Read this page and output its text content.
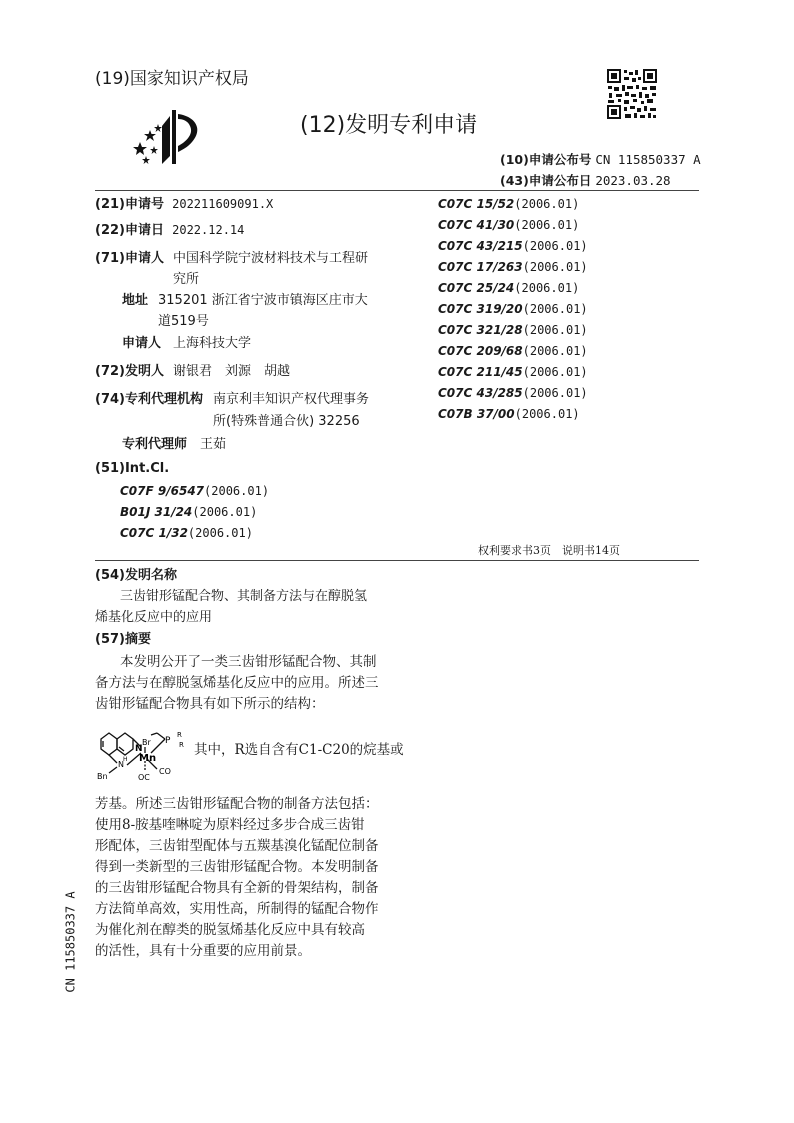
(19)国家知识产权局
(12)发明专利申请
(10)申请公布号 CN 115850337 A
(43)申请公布日 2023.03.28
(21)申请号 202211609091.X
(22)申请日 2022.12.14
(71)申请人 中国科学院宁波材料技术与工程研
究所
地址 315201 浙江省宁波市镇海区庄市大
道519号
申请人 上海科技大学
(72)发明人 谢银君　刘源　胡越
(74)专利代理机构 南京利丰知识产权代理事务
所(特殊普通合伙) 32256
专利代理师 王茹
(51)Int.Cl.
C07F 9/6547(2006.01)
B01J 31/24(2006.01)
C07C 1/32(2006.01)
C07C 15/52(2006.01)
C07C 41/30(2006.01)
C07C 43/215(2006.01)
C07C 17/263(2006.01)
C07C 25/24(2006.01)
C07C 319/20(2006.01)
C07C 321/28(2006.01)
C07C 209/68(2006.01)
C07C 211/45(2006.01)
C07C 43/285(2006.01)
C07B 37/00(2006.01)
权利要求书3页　说明书14页
(54)发明名称
三齿钳形锰配合物、其制备方法与在醇脱氢
烯基化反应中的应用
(57)摘要
本发明公开了一类三齿钳形锰配合物、其制
备方法与在醇脱氢烯基化反应中的应用。所述三
齿钳形锰配合物具有如下所示的结构：
N
Br
Mn
P
R
R
N
H
Bn
CO
OC
其中，R选自含有C1-C20的烷基或
芳基。所述三齿钳形锰配合物的制备方法包括：
使用8-胺基喹啉啶为原料经过多步合成三齿钳
形配体，三齿钳型配体与五羰基溴化锰配位制备
得到一类新型的三齿钳形锰配合物。本发明制备
的三齿钳形锰配合物具有全新的骨架结构，制备
方法简单高效，实用性高，所制得的锰配合物作
为催化剂在醇类的脱氢烯基化反应中具有较高
的活性，具有十分重要的应用前景。
CN 115850337 A
